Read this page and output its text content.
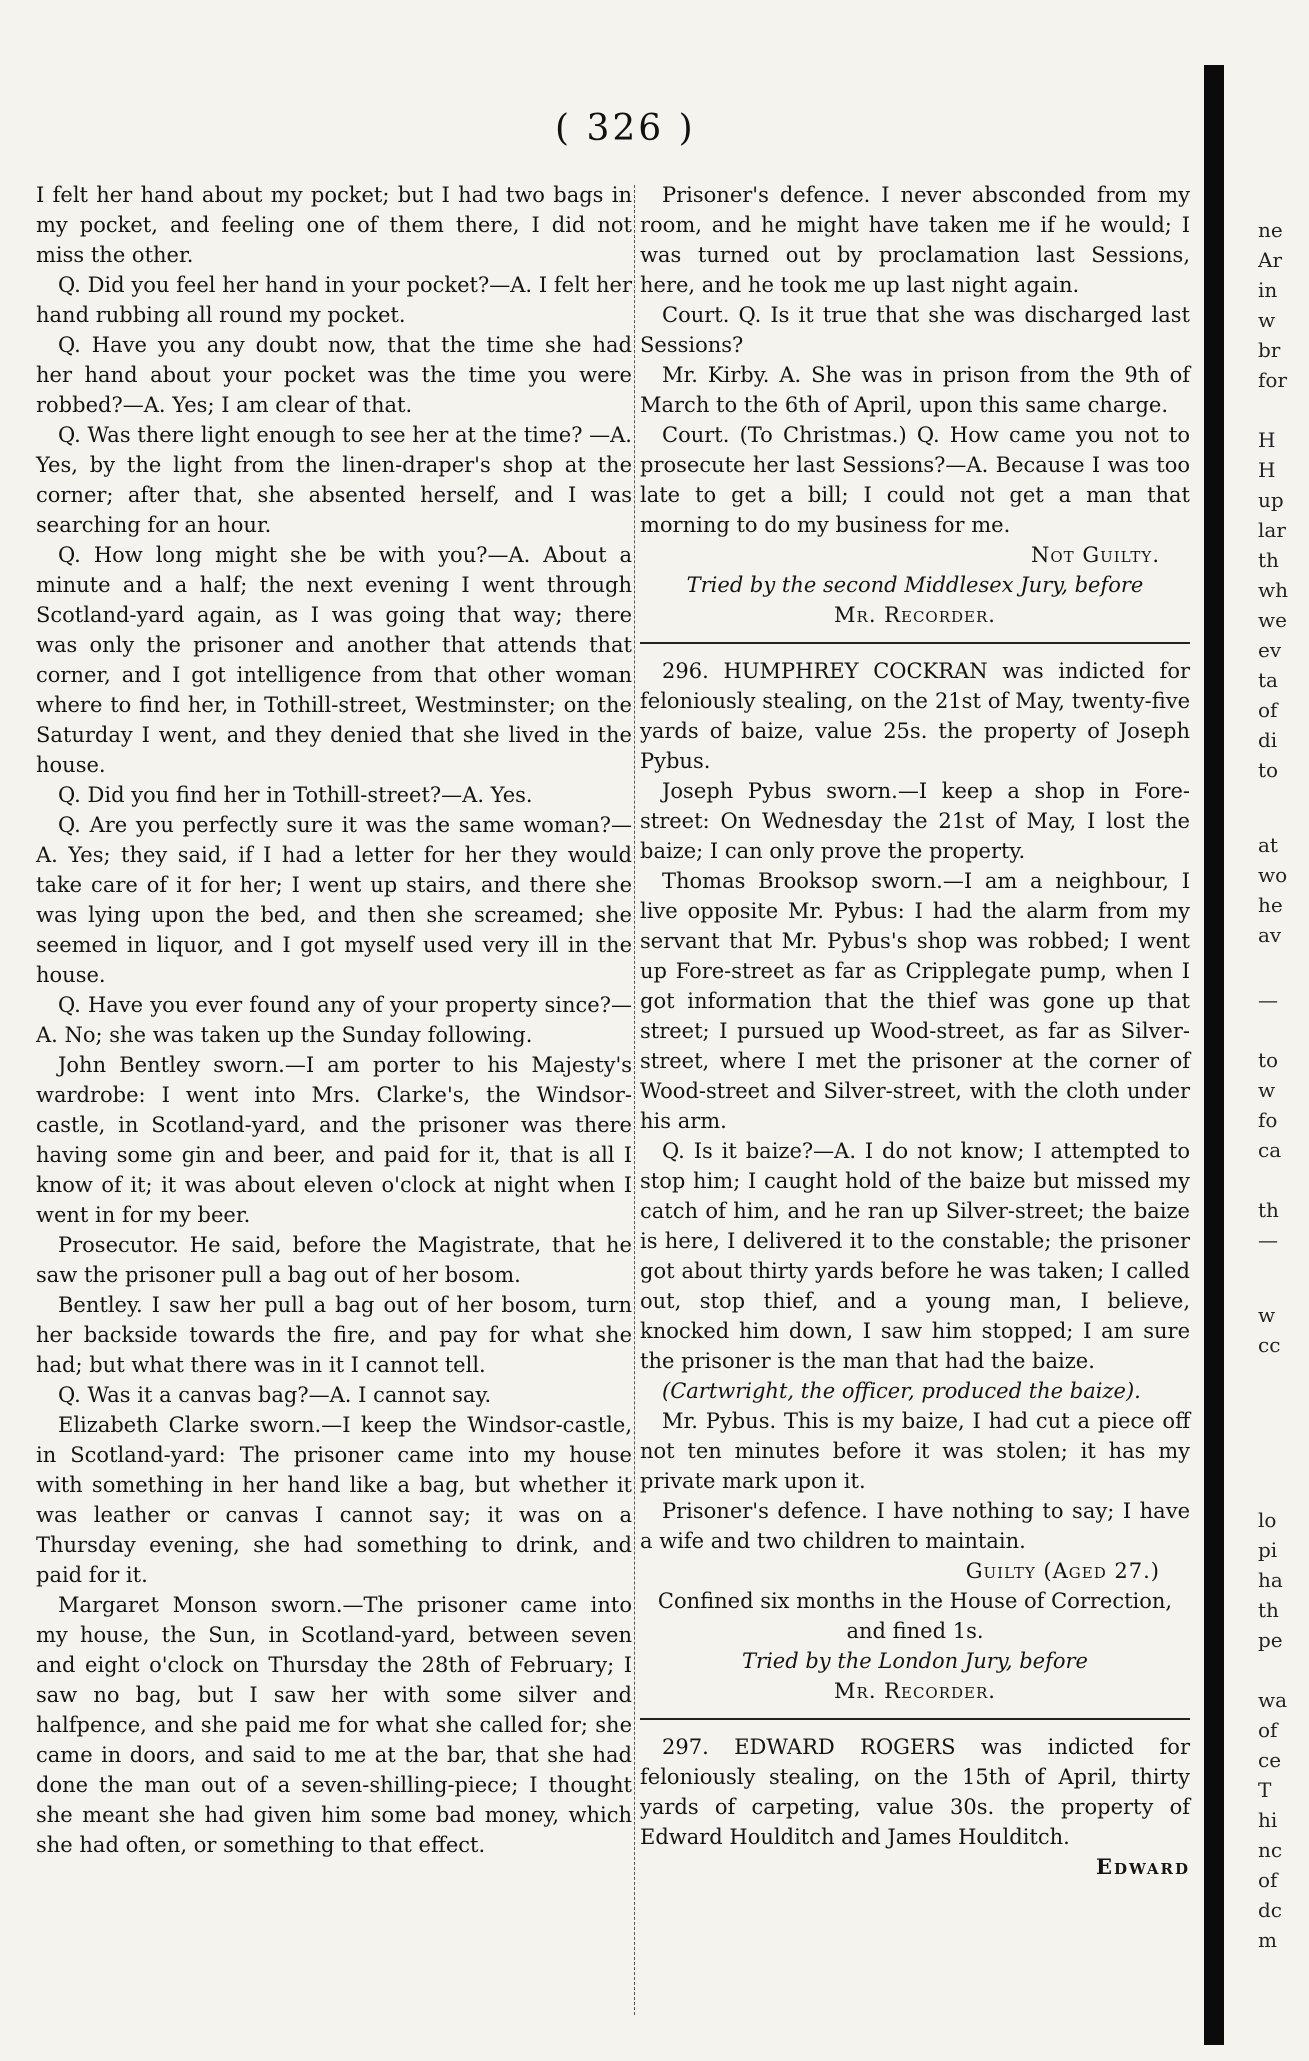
( 326 )

I felt her hand about my pocket; but I had two bags in my pocket, and feeling one of them there, I did not miss the other.

Q. Did you feel her hand in your pocket?—A. I felt her hand rubbing all round my pocket.

Q. Have you any doubt now, that the time she had her hand about your pocket was the time you were robbed?—A. Yes; I am clear of that.

Q. Was there light enough to see her at the time? —A. Yes, by the light from the linen-draper's shop at the corner; after that, she absented herself, and I was searching for an hour.

Q. How long might she be with you?—A. About a minute and a half; the next evening I went through Scotland-yard again, as I was going that way; there was only the prisoner and another that attends that corner, and I got intelligence from that other woman where to find her, in Tothill-street, Westminster; on the Saturday I went, and they denied that she lived in the house.

Q. Did you find her in Tothill-street?—A. Yes.

Q. Are you perfectly sure it was the same woman?—A. Yes; they said, if I had a letter for her they would take care of it for her; I went up stairs, and there she was lying upon the bed, and then she screamed; she seemed in liquor, and I got myself used very ill in the house.

Q. Have you ever found any of your property since?—A. No; she was taken up the Sunday following.

John Bentley sworn.—I am porter to his Majesty's wardrobe: I went into Mrs. Clarke's, the Windsor-castle, in Scotland-yard, and the prisoner was there having some gin and beer, and paid for it, that is all I know of it; it was about eleven o'clock at night when I went in for my beer.

Prosecutor. He said, before the Magistrate, that he saw the prisoner pull a bag out of her bosom.

Bentley. I saw her pull a bag out of her bosom, turn her backside towards the fire, and pay for what she had; but what there was in it I cannot tell.

Q. Was it a canvas bag?—A. I cannot say.

Elizabeth Clarke sworn.—I keep the Windsor-castle, in Scotland-yard: The prisoner came into my house with something in her hand like a bag, but whether it was leather or canvas I cannot say; it was on a Thursday evening, she had something to drink, and paid for it.

Margaret Monson sworn.—The prisoner came into my house, the Sun, in Scotland-yard, between seven and eight o'clock on Thursday the 28th of February; I saw no bag, but I saw her with some silver and halfpence, and she paid me for what she called for; she came in doors, and said to me at the bar, that she had done the man out of a seven-shilling-piece; I thought she meant she had given him some bad money, which she had often, or something to that effect.

Prisoner's defence. I never absconded from my room, and he might have taken me if he would; I was turned out by proclamation last Sessions, here, and he took me up last night again.

Court. Q. Is it true that she was discharged last Sessions?

Mr. Kirby. A. She was in prison from the 9th of March to the 6th of April, upon this same charge.

Court. (To Christmas.) Q. How came you not to prosecute her last Sessions?—A. Because I was too late to get a bill; I could not get a man that morning to do my business for me.

Not Guilty.

Tried by the second Middlesex Jury, before

Mr. Recorder.

296. HUMPHREY COCKRAN was indicted for feloniously stealing, on the 21st of May, twenty-five yards of baize, value 25s. the property of Joseph Pybus.

Joseph Pybus sworn.—I keep a shop in Fore-street: On Wednesday the 21st of May, I lost the baize; I can only prove the property.

Thomas Brooksop sworn.—I am a neighbour, I live opposite Mr. Pybus: I had the alarm from my servant that Mr. Pybus's shop was robbed; I went up Fore-street as far as Cripplegate pump, when I got information that the thief was gone up that street; I pursued up Wood-street, as far as Silver-street, where I met the prisoner at the corner of Wood-street and Silver-street, with the cloth under his arm.

Q. Is it baize?—A. I do not know; I attempted to stop him; I caught hold of the baize but missed my catch of him, and he ran up Silver-street; the baize is here, I delivered it to the constable; the prisoner got about thirty yards before he was taken; I called out, stop thief, and a young man, I believe, knocked him down, I saw him stopped; I am sure the prisoner is the man that had the baize.

(Cartwright, the officer, produced the baize).

Mr. Pybus. This is my baize, I had cut a piece off not ten minutes before it was stolen; it has my private mark upon it.

Prisoner's defence. I have nothing to say; I have a wife and two children to maintain.

Guilty (Aged 27.)

Confined six months in the House of Correction, and fined 1s.

Tried by the London Jury, before

Mr. Recorder.

297. EDWARD ROGERS was indicted for feloniously stealing, on the 15th of April, thirty yards of carpeting, value 30s. the property of Edward Houlditch and James Houlditch.

Edward

ne
Ar
in
w
br
for
H
H
up
lar
th
wh
we
ev
ta
of
di
to
at
wo
he
av
—
to
w
fo
ca
th
—
w
cc
lo
pi
ha
th
pe
wa
of
ce
T
hi
nc
of
dc
m
